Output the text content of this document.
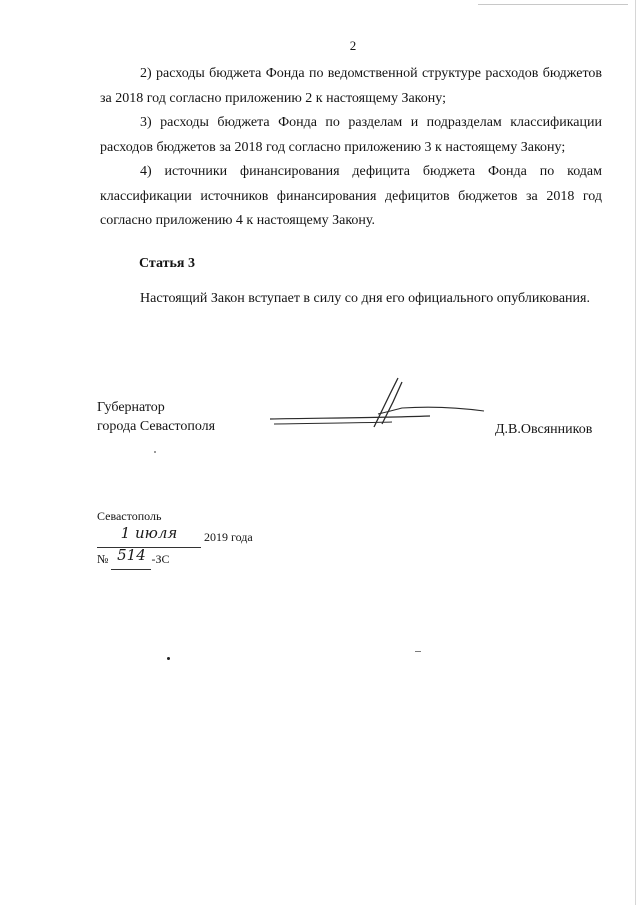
2

2) расходы бюджета Фонда по ведомственной структуре расходов бюджетов за 2018 год согласно приложению 2 к настоящему Закону;

3) расходы бюджета Фонда по разделам и подразделам классификации расходов бюджетов за 2018 год согласно приложению 3 к настоящему Закону;

4) источники финансирования дефицита бюджета Фонда по кодам классификации источников финансирования дефицитов бюджетов за 2018 год согласно приложению 4 к настоящему Закону.

Статья 3

Настоящий Закон вступает в силу со дня его официального опубликования.

Губернатор
города Севастополя	Д.В.Овсянников
Севастополь
1 июля 2019 года
№ 514 -ЗС
